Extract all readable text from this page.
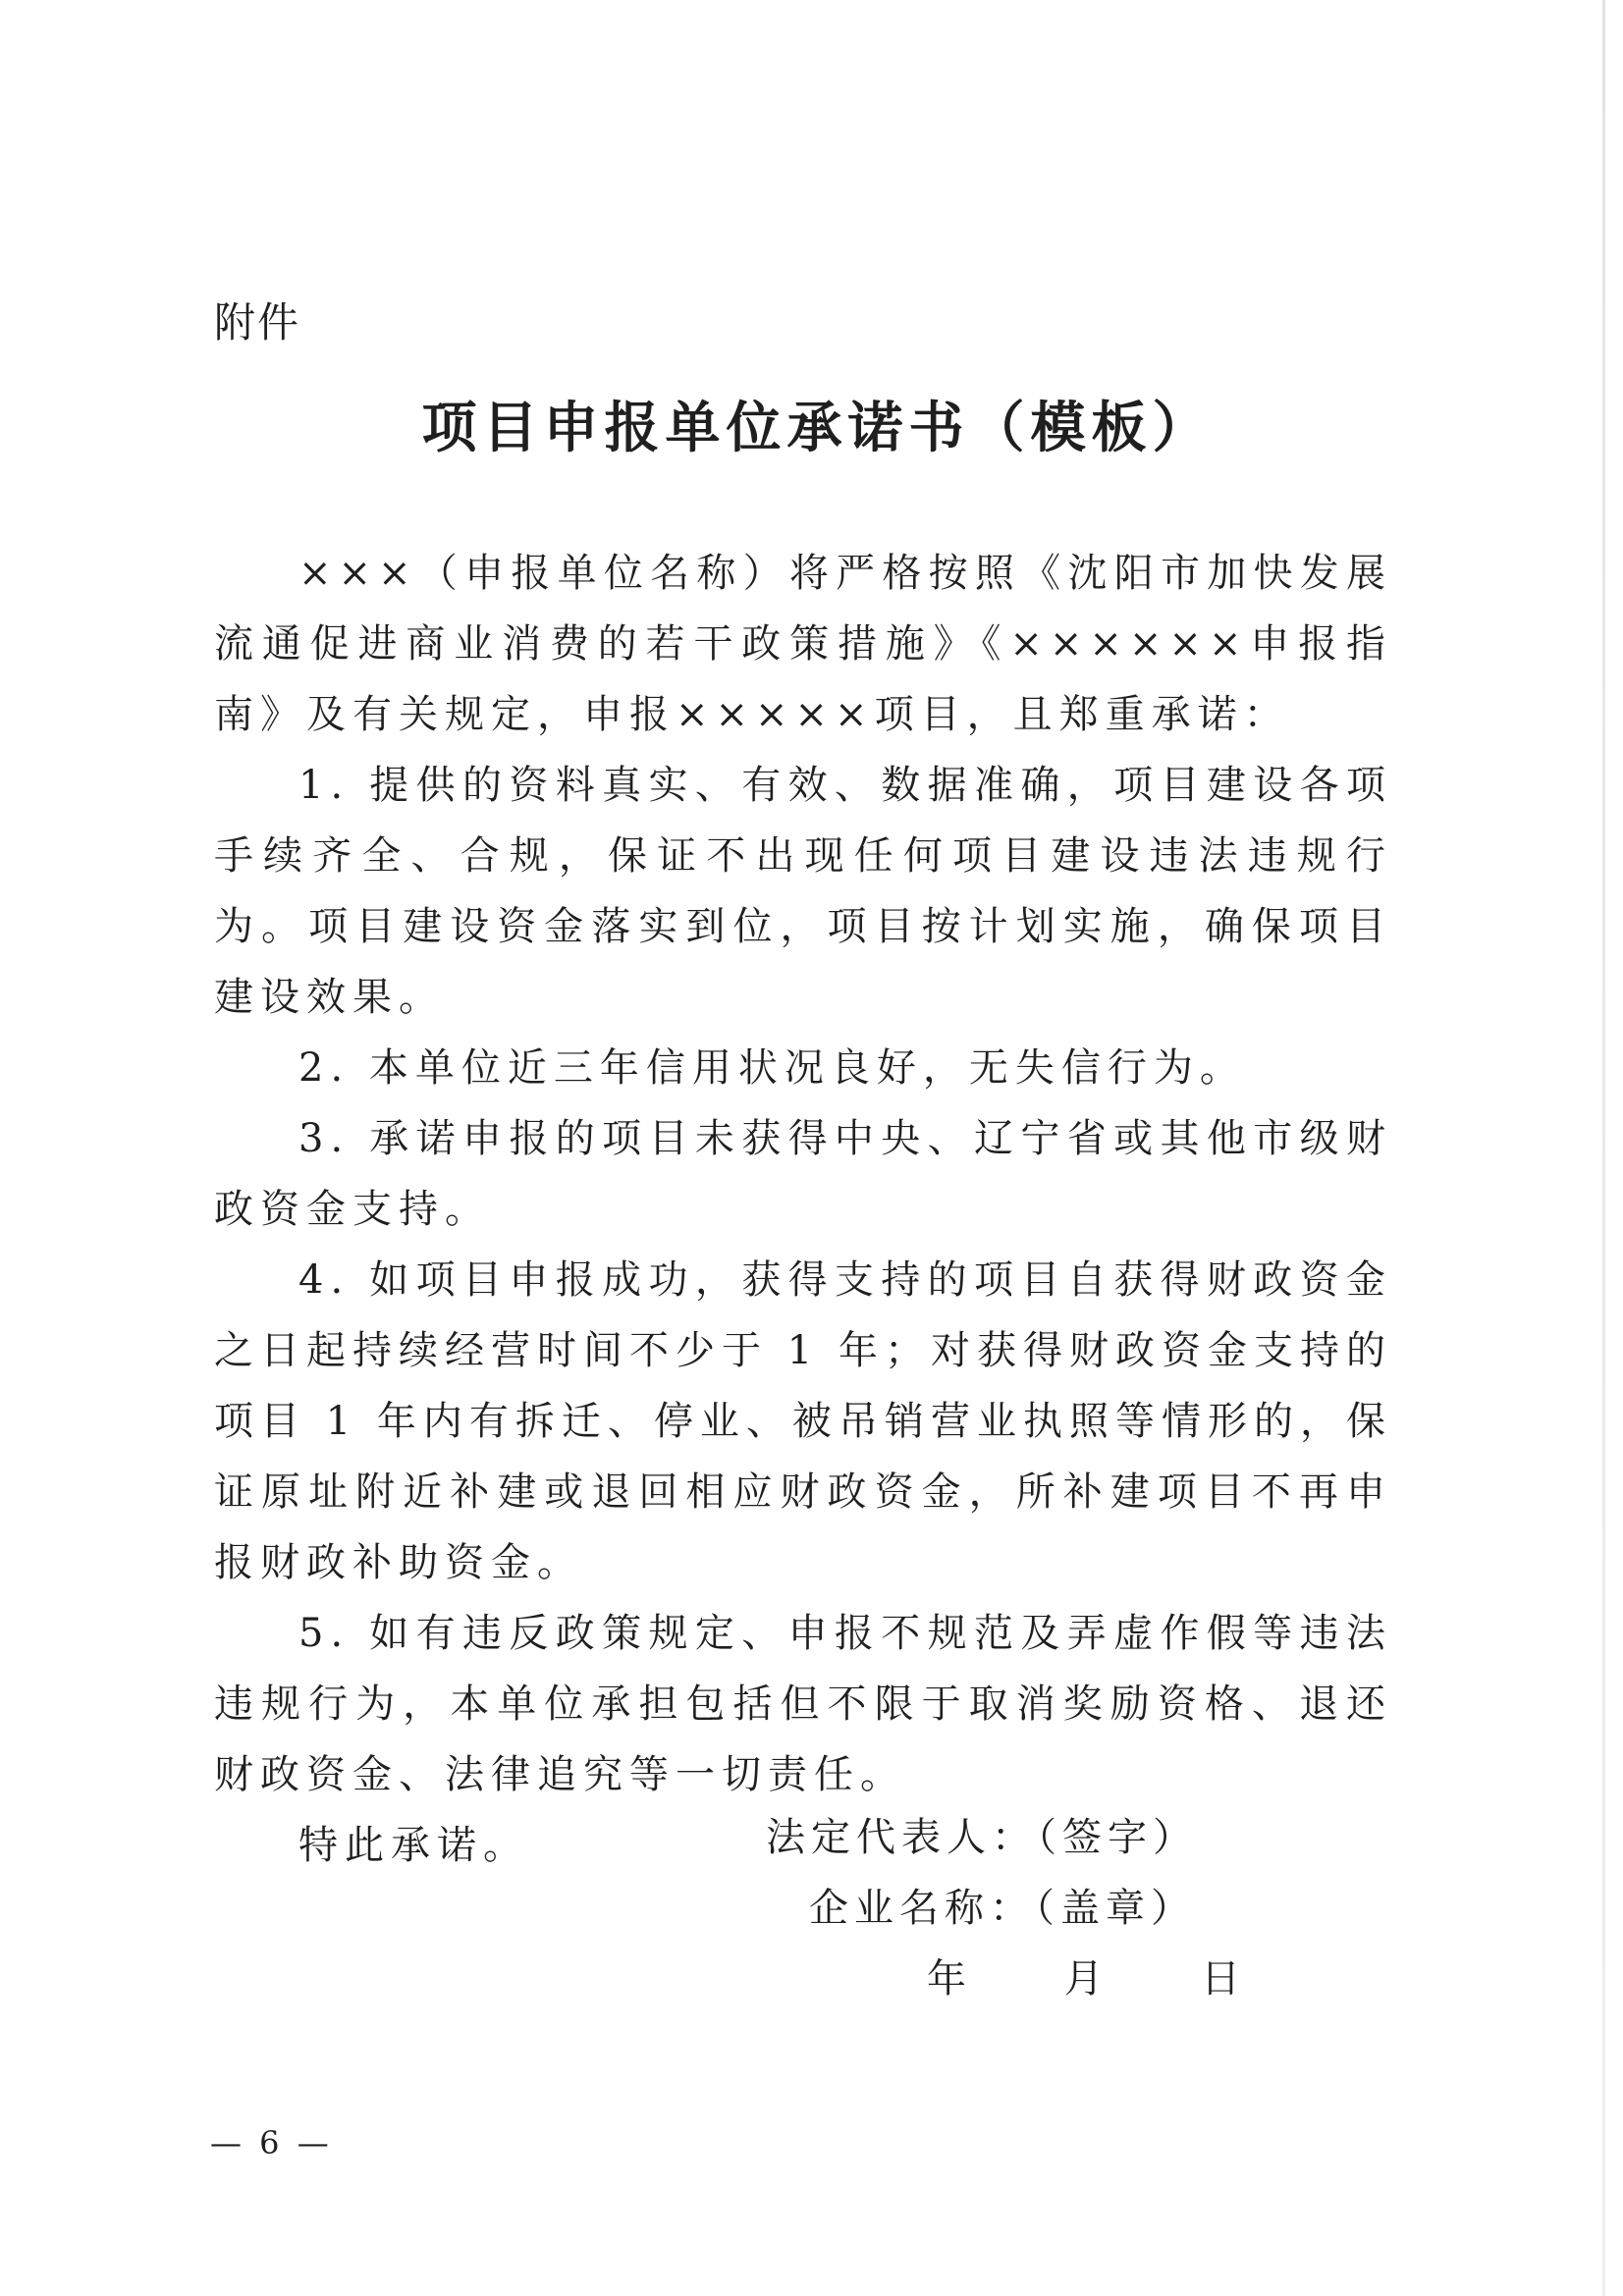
附件
项目申报单位承诺书（模板）

×××（申报单位名称）将严格按照《沈阳市加快发展流通促进商业消费的若干政策措施》《××××××申报指南》及有关规定，申报×××××项目，且郑重承诺：

1. 提供的资料真实、有效、数据准确，项目建设各项手续齐全、合规，保证不出现任何项目建设违法违规行为。项目建设资金落实到位，项目按计划实施，确保项目建设效果。

2. 本单位近三年信用状况良好，无失信行为。

3. 承诺申报的项目未获得中央、辽宁省或其他市级财政资金支持。

4. 如项目申报成功，获得支持的项目自获得财政资金之日起持续经营时间不少于 1 年；对获得财政资金支持的项目 1 年内有拆迁、停业、被吊销营业执照等情形的，保证原址附近补建或退回相应财政资金，所补建项目不再申报财政补助资金。

5. 如有违反政策规定、申报不规范及弄虚作假等违法违规行为，本单位承担包括但不限于取消奖励资格、退还财政资金、法律追究等一切责任。

特此承诺。	法定代表人：（签字）
企业名称：（盖章）
年     月     日
— 6 —
